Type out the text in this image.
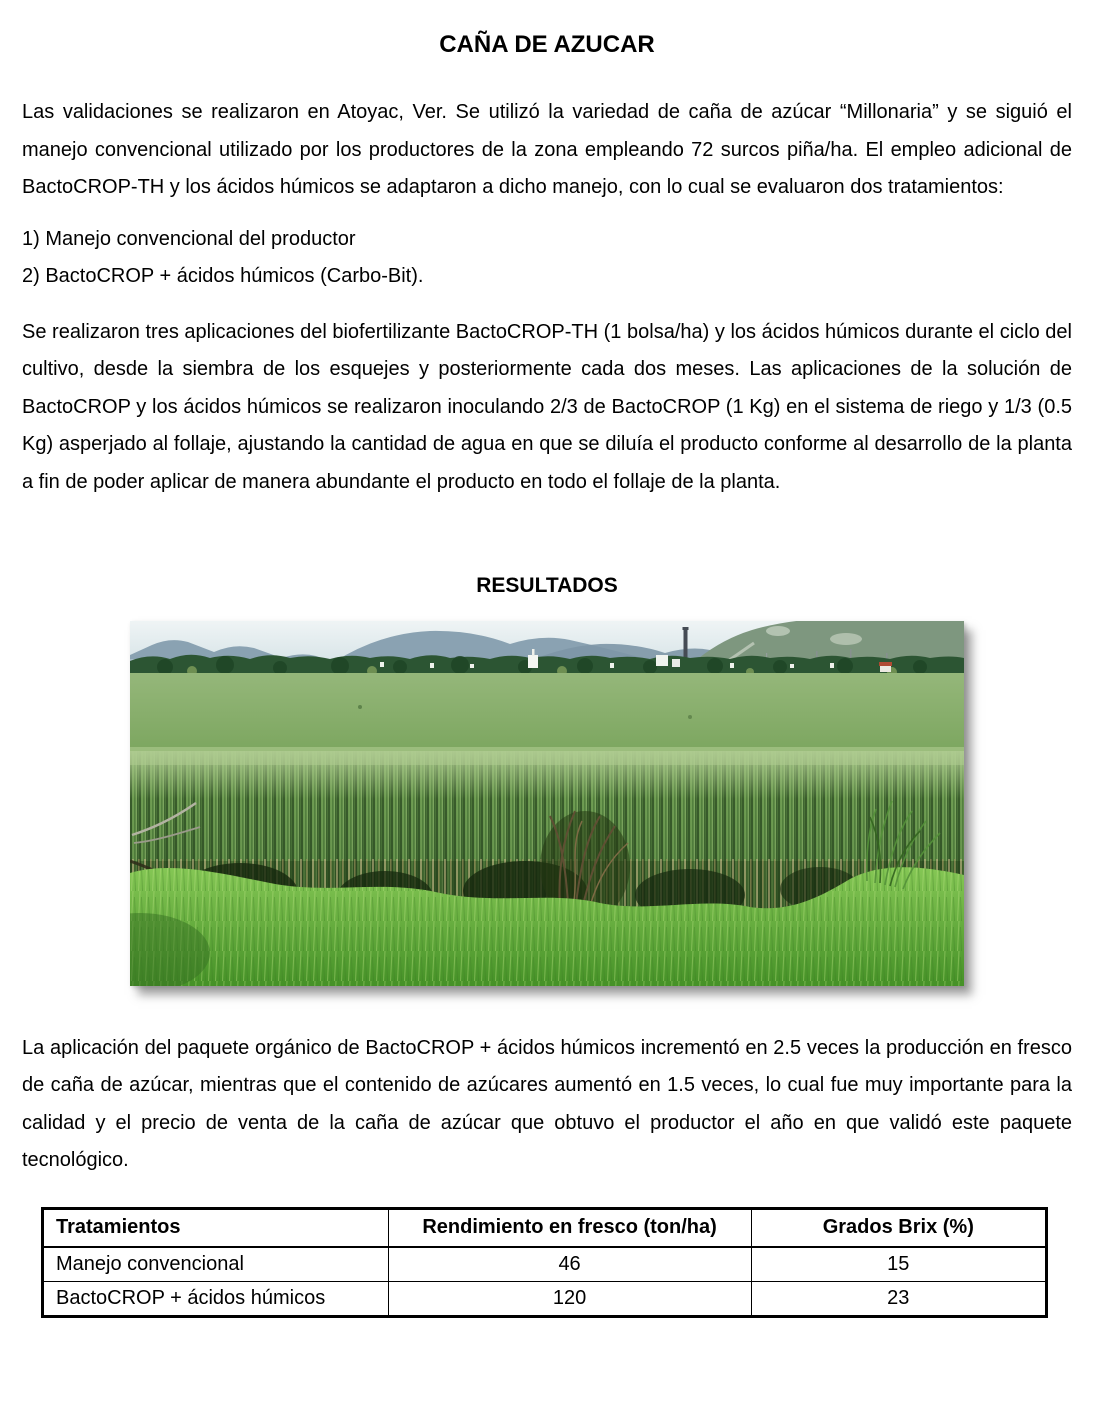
CAÑA DE AZUCAR

Las validaciones se realizaron en Atoyac, Ver. Se utilizó la variedad de caña de azúcar “Millonaria” y se siguió el manejo convencional utilizado por los productores de la zona empleando 72 surcos piña/ha. El empleo adicional de BactoCROP-TH y los ácidos húmicos se adaptaron a dicho manejo, con lo cual se evaluaron dos tratamientos:

1) Manejo convencional del productor
2) BactoCROP + ácidos húmicos (Carbo-Bit).

Se realizaron tres aplicaciones del biofertilizante BactoCROP-TH (1 bolsa/ha) y los ácidos húmicos durante el ciclo del cultivo, desde la siembra de los esquejes y posteriormente cada dos meses. Las aplicaciones de la solución de BactoCROP y los ácidos húmicos se realizaron inoculando 2/3 de BactoCROP (1 Kg) en el sistema de riego y 1/3 (0.5 Kg) asperjado al follaje, ajustando la cantidad de agua en que se diluía el producto conforme al desarrollo de la planta a fin de poder aplicar de manera abundante el producto en todo el follaje de la planta.

RESULTADOS

La aplicación del paquete orgánico de BactoCROP + ácidos húmicos incrementó en 2.5 veces la producción en fresco de caña de azúcar, mientras que el contenido de azúcares aumentó en 1.5 veces, lo cual fue muy importante para la calidad y el precio de venta de la caña de azúcar que obtuvo el productor el año en que validó este paquete tecnológico.

Tratamientos	Rendimiento en fresco (ton/ha)	Grados Brix (%)
Manejo convencional	46	15
BactoCROP + ácidos húmicos	120	23
